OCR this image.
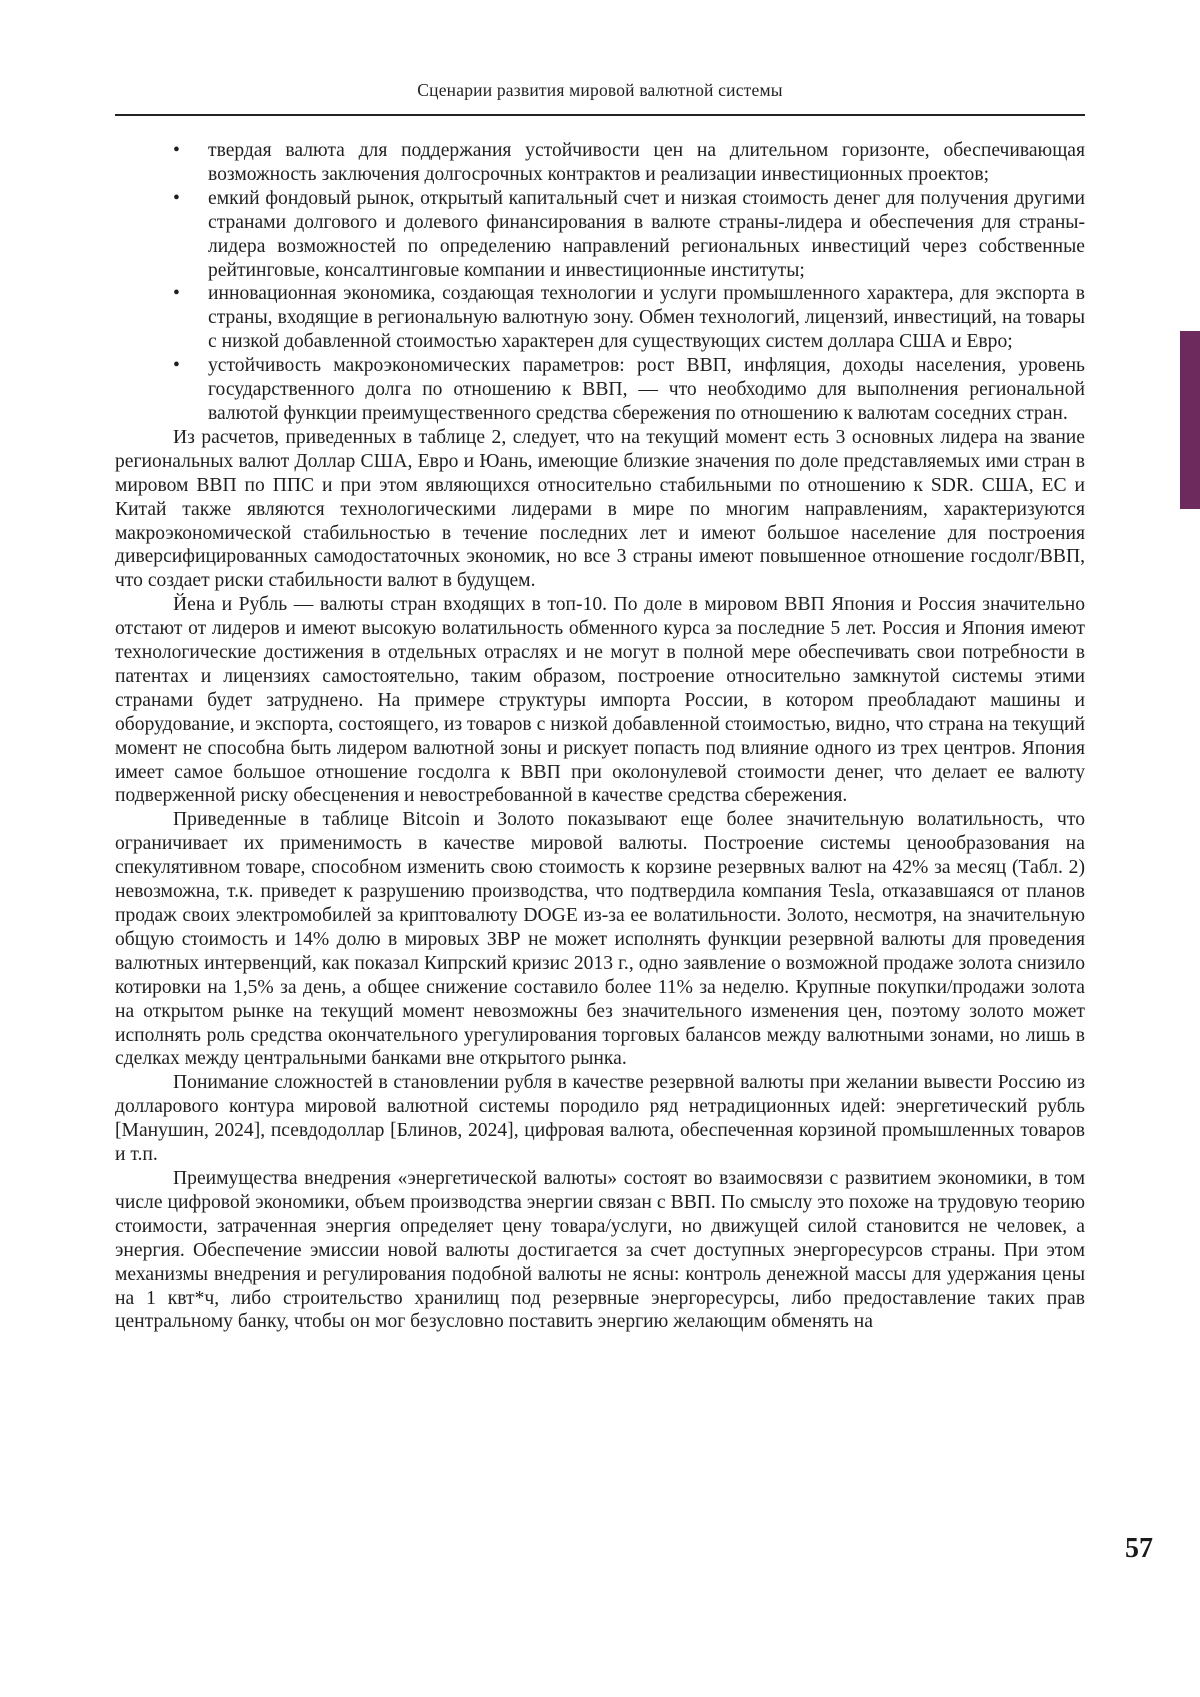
Сценарии развития мировой валютной системы
• твердая валюта для поддержания устойчивости цен на длительном горизонте, обеспечивающая возможность заключения долгосрочных контрактов и реализации инвестиционных проектов;
• емкий фондовый рынок, открытый капитальный счет и низкая стоимость денег для получения другими странами долгового и долевого финансирования в валюте страны-лидера и обеспечения для страны-лидера возможностей по определению направлений региональных инвестиций через собственные рейтинговые, консалтинговые компании и инвестиционные институты;
• инновационная экономика, создающая технологии и услуги промышленного характера, для экспорта в страны, входящие в региональную валютную зону. Обмен технологий, лицензий, инвестиций, на товары с низкой добавленной стоимостью характерен для существующих систем доллара США и Евро;
• устойчивость макроэкономических параметров: рост ВВП, инфляция, доходы населения, уровень государственного долга по отношению к ВВП, — что необходимо для выполнения региональной валютой функции преимущественного средства сбережения по отношению к валютам соседних стран.

Из расчетов, приведенных в таблице 2, следует, что на текущий момент есть 3 основных лидера на звание региональных валют Доллар США, Евро и Юань, имеющие близкие значения по доле представляемых ими стран в мировом ВВП по ППС и при этом являющихся относительно стабильными по отношению к SDR. США, ЕС и Китай также являются технологическими лидерами в мире по многим направлениям, характеризуются макроэкономической стабильностью в течение последних лет и имеют большое население для построения диверсифицированных самодостаточных экономик, но все 3 страны имеют повышенное отношение госдолг/ВВП, что создает риски стабильности валют в будущем.

Йена и Рубль — валюты стран входящих в топ-10. По доле в мировом ВВП Япония и Россия значительно отстают от лидеров и имеют высокую волатильность обменного курса за последние 5 лет. Россия и Япония имеют технологические достижения в отдельных отраслях и не могут в полной мере обеспечивать свои потребности в патентах и лицензиях самостоятельно, таким образом, построение относительно замкнутой системы этими странами будет затруднено. На примере структуры импорта России, в котором преобладают машины и оборудование, и экспорта, состоящего, из товаров с низкой добавленной стоимостью, видно, что страна на текущий момент не способна быть лидером валютной зоны и рискует попасть под влияние одного из трех центров. Япония имеет самое большое отношение госдолга к ВВП при околонулевой стоимости денег, что делает ее валюту подверженной риску обесценения и невостребованной в качестве средства сбережения.

Приведенные в таблице Bitcoin и Золото показывают еще более значительную волатильность, что ограничивает их применимость в качестве мировой валюты. Построение системы ценообразования на спекулятивном товаре, способном изменить свою стоимость к корзине резервных валют на 42% за месяц (Табл. 2) невозможна, т.к. приведет к разрушению производства, что подтвердила компания Tesla, отказавшаяся от планов продаж своих электромобилей за криптовалюту DOGE из-за ее волатильности. Золото, несмотря, на значительную общую стоимость и 14% долю в мировых ЗВР не может исполнять функции резервной валюты для проведения валютных интервенций, как показал Кипрский кризис 2013 г., одно заявление о возможной продаже золота снизило котировки на 1,5% за день, а общее снижение составило более 11% за неделю. Крупные покупки/продажи золота на открытом рынке на текущий момент невозможны без значительного изменения цен, поэтому золото может исполнять роль средства окончательного урегулирования торговых балансов между валютными зонами, но лишь в сделках между центральными банками вне открытого рынка.

Понимание сложностей в становлении рубля в качестве резервной валюты при желании вывести Россию из долларового контура мировой валютной системы породило ряд нетрадиционных идей: энергетический рубль [Манушин, 2024], псевдодоллар [Блинов, 2024], цифровая валюта, обеспеченная корзиной промышленных товаров и т.п.

Преимущества внедрения «энергетической валюты» состоят во взаимосвязи с развитием экономики, в том числе цифровой экономики, объем производства энергии связан с ВВП. По смыслу это похоже на трудовую теорию стоимости, затраченная энергия определяет цену товара/услуги, но движущей силой становится не человек, а энергия. Обеспечение эмиссии новой валюты достигается за счет доступных энергоресурсов страны. При этом механизмы внедрения и регулирования подобной валюты не ясны: контроль денежной массы для удержания цены на 1 квт*ч, либо строительство хранилищ под резервные энергоресурсы, либо предоставление таких прав центральному банку, чтобы он мог безусловно поставить энергию желающим обменять на

57
